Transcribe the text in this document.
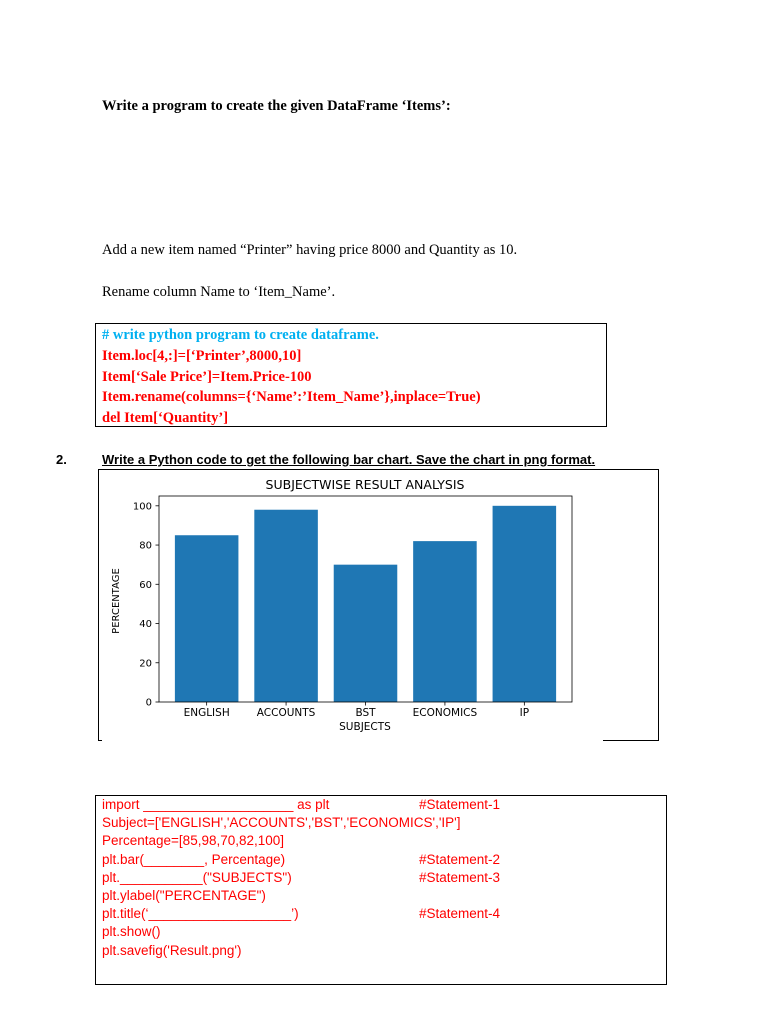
Write a program to create the given DataFrame ‘Items’:
Add a new item named “Printer” having price 8000 and Quantity as 10.
Rename column Name to ‘Item_Name’.
# write python program to create dataframe.
Item.loc[4,:]=[‘Printer’,8000,10]
Item[‘Sale Price’]=Item.Price-100
Item.rename(columns={‘Name’:’Item_Name’},inplace=True)
del Item[‘Quantity’]
2.	Write a Python code to get the following bar chart. Save the chart in png format.
SUBJECTWISE RESULT ANALYSIS
PERCENTAGE
SUBJECTS
0
20
40
60
80
100
ENGLISH	ACCOUNTS	BST	ECONOMICS	IP
import ____________________ as plt	#Statement-1
Subject=['ENGLISH','ACCOUNTS','BST','ECONOMICS','IP']
Percentage=[85,98,70,82,100]
plt.bar(________, Percentage)	#Statement-2
plt.___________("SUBJECTS")	#Statement-3
plt.ylabel("PERCENTAGE")
plt.title(‘___________________’)	#Statement-4
plt.show()
plt.savefig('Result.png')
